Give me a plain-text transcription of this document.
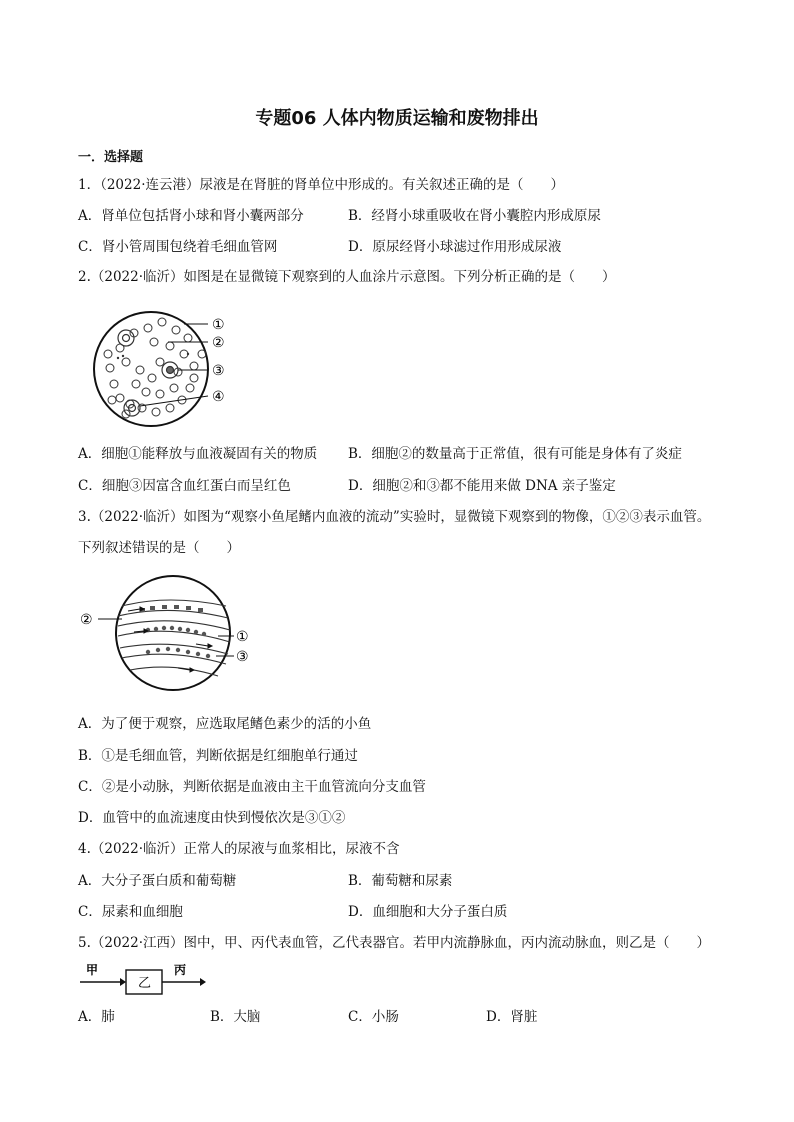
专题06 人体内物质运输和废物排出
一．选择题
1．（2022·连云港）尿液是在肾脏的肾单位中形成的。有关叙述正确的是（　　）
A．肾单位包括肾小球和肾小囊两部分	B．经肾小球重吸收在肾小囊腔内形成原尿
C．肾小管周围包绕着毛细血管网	D．原尿经肾小球滤过作用形成尿液
2.（2022·临沂）如图是在显微镜下观察到的人血涂片示意图。下列分析正确的是（　　）
①
②
③
④
A．细胞①能释放与血液凝固有关的物质 B．细胞②的数量高于正常值，很有可能是身体有了炎症
C．细胞③因富含血红蛋白而呈红色	D．细胞②和③都不能用来做 DNA 亲子鉴定
3.（2022·临沂）如图为“观察小鱼尾鳍内血液的流动”实验时，显微镜下观察到的物像，①②③表示血管。
下列叙述错误的是（　　）
②
①
③
A．为了便于观察，应选取尾鳍色素少的活的小鱼
B．①是毛细血管，判断依据是红细胞单行通过
C．②是小动脉，判断依据是血液由主干血管流向分支血管
D．血管中的血流速度由快到慢依次是③①②
4.（2022·临沂）正常人的尿液与血浆相比，尿液不含
A．大分子蛋白质和葡萄糖	B．葡萄糖和尿素
C．尿素和血细胞	D．血细胞和大分子蛋白质
5.（2022·江西）图中，甲、丙代表血管，乙代表器官。若甲内流静脉血，丙内流动脉血，则乙是（　　）
甲
乙
丙
A．肺	B．大脑	C．小肠	D．肾脏
